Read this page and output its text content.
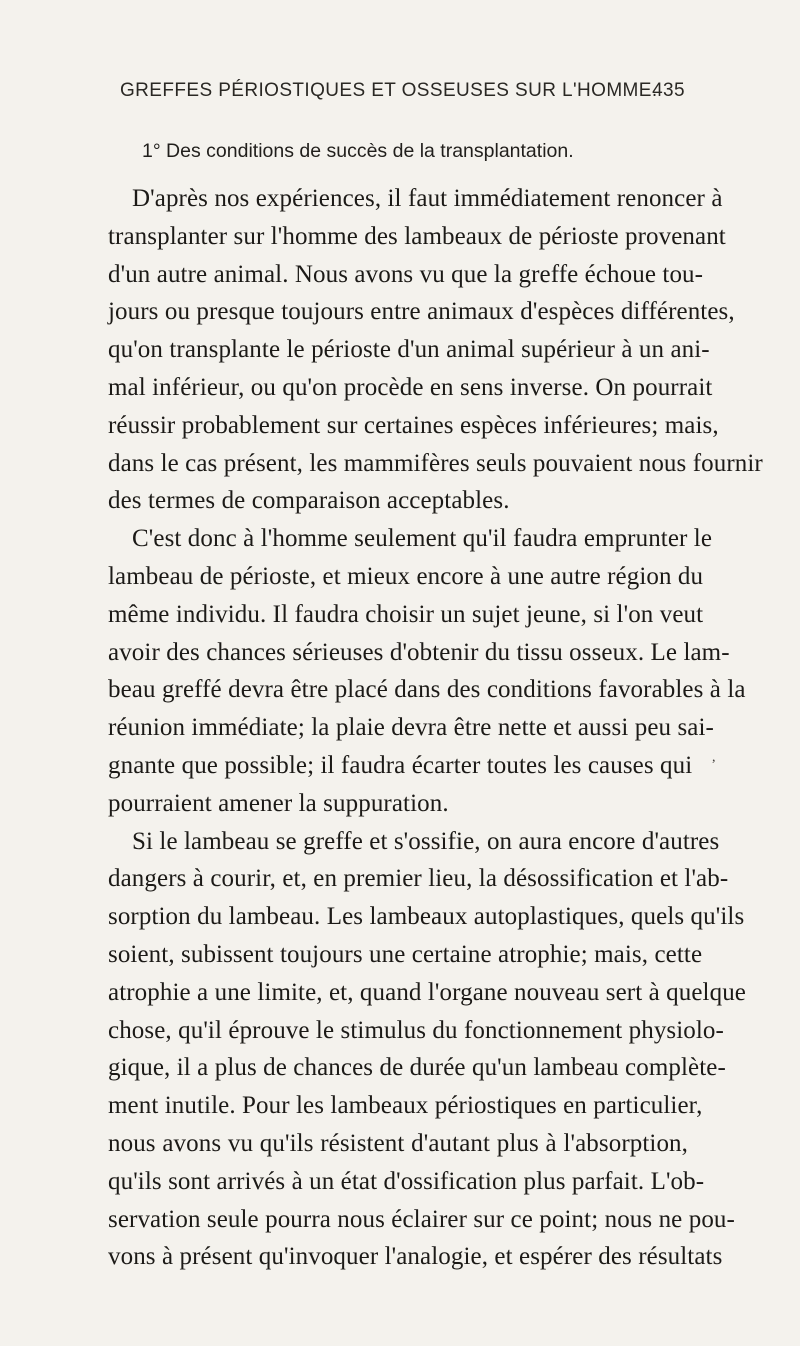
GREFFES PÉRIOSTIQUES ET OSSEUSES SUR L'HOMME.
435
1° Des conditions de succès de la transplantation.
D'après nos expériences, il faut immédiatement renoncer à
transplanter sur l'homme des lambeaux de périoste provenant
d'un autre animal. Nous avons vu que la greffe échoue tou-
jours ou presque toujours entre animaux d'espèces différentes,
qu'on transplante le périoste d'un animal supérieur à un ani-
mal inférieur, ou qu'on procède en sens inverse. On pourrait
réussir probablement sur certaines espèces inférieures; mais,
dans le cas présent, les mammifères seuls pouvaient nous fournir
des termes de comparaison acceptables.
C'est donc à l'homme seulement qu'il faudra emprunter le
lambeau de périoste, et mieux encore à une autre région du
même individu. Il faudra choisir un sujet jeune, si l'on veut
avoir des chances sérieuses d'obtenir du tissu osseux. Le lam-
beau greffé devra être placé dans des conditions favorables à la
réunion immédiate; la plaie devra être nette et aussi peu sai-
gnante que possible; il faudra écarter toutes les causes qui
pourraient amener la suppuration.
Si le lambeau se greffe et s'ossifie, on aura encore d'autres
dangers à courir, et, en premier lieu, la désossification et l'ab-
sorption du lambeau. Les lambeaux autoplastiques, quels qu'ils
soient, subissent toujours une certaine atrophie; mais, cette
atrophie a une limite, et, quand l'organe nouveau sert à quelque
chose, qu'il éprouve le stimulus du fonctionnement physiolo-
gique, il a plus de chances de durée qu'un lambeau complète-
ment inutile. Pour les lambeaux périostiques en particulier,
nous avons vu qu'ils résistent d'autant plus à l'absorption,
qu'ils sont arrivés à un état d'ossification plus parfait. L'ob-
servation seule pourra nous éclairer sur ce point; nous ne pou-
vons à présent qu'invoquer l'analogie, et espérer des résultats
,
